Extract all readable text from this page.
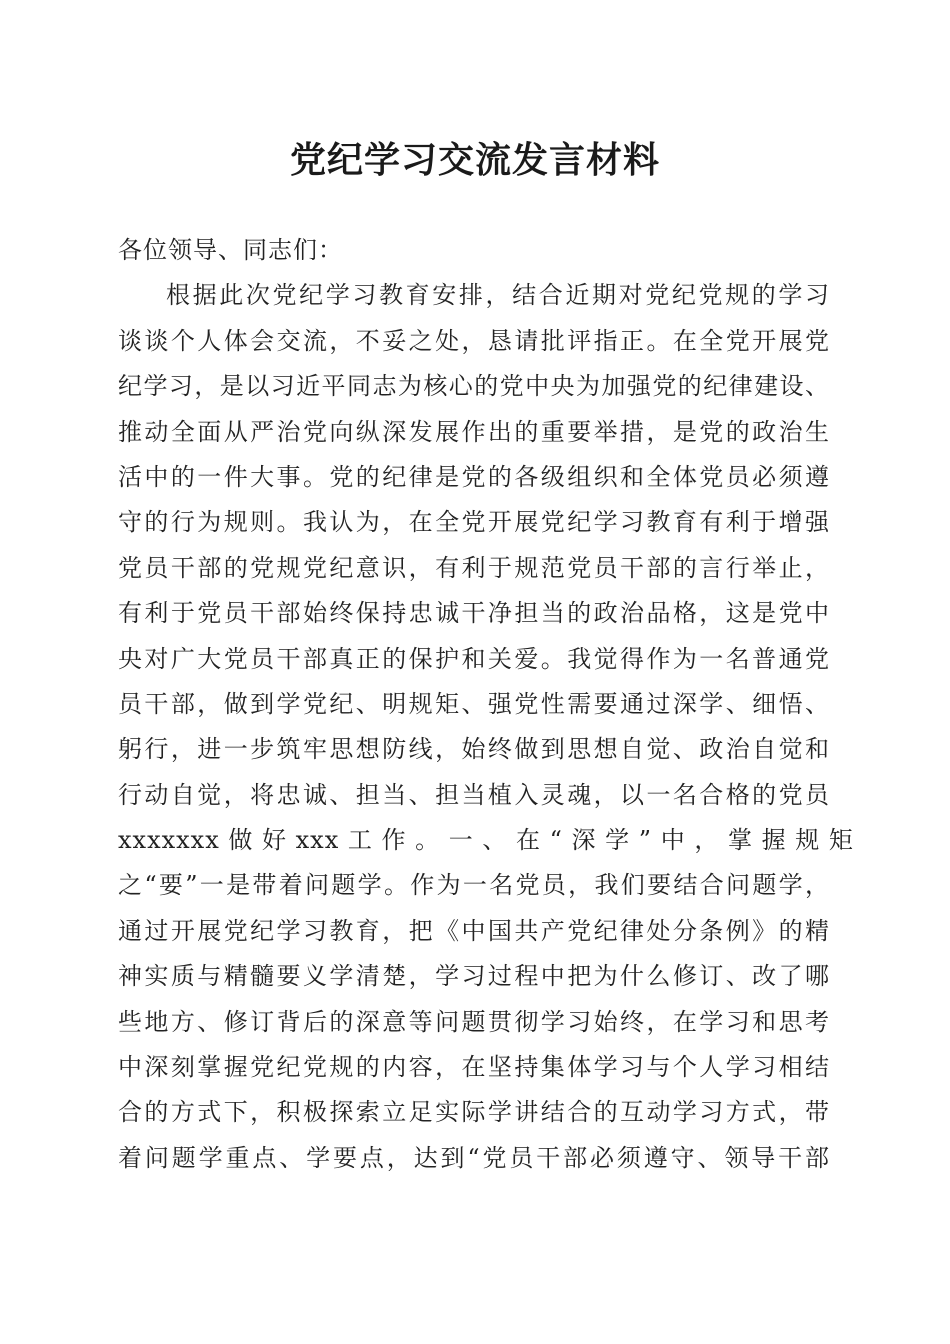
党纪学习交流发言材料
各位领导、同志们：
根据此次党纪学习教育安排，结合近期对党纪党规的学习
谈谈个人体会交流，不妥之处，恳请批评指正。在全党开展党
纪学习，是以习近平同志为核心的党中央为加强党的纪律建设、
推动全面从严治党向纵深发展作出的重要举措，是党的政治生
活中的一件大事。党的纪律是党的各级组织和全体党员必须遵
守的行为规则。我认为，在全党开展党纪学习教育有利于增强
党员干部的党规党纪意识，有利于规范党员干部的言行举止，
有利于党员干部始终保持忠诚干净担当的政治品格，这是党中
央对广大党员干部真正的保护和关爱。我觉得作为一名普通党
员干部，做到学党纪、明规矩、强党性需要通过深学、细悟、
躬行，进一步筑牢思想防线，始终做到思想自觉、政治自觉和
行动自觉，将忠诚、担当、担当植入灵魂，以一名合格的党员
xxxxxxx 做 好 xxx 工 作 。 一 、 在 “ 深 学 ” 中 ， 掌 握 规 矩
之“要”一是带着问题学。作为一名党员，我们要结合问题学，
通过开展党纪学习教育，把《中国共产党纪律处分条例》的精
神实质与精髓要义学清楚，学习过程中把为什么修订、改了哪
些地方、修订背后的深意等问题贯彻学习始终，在学习和思考
中深刻掌握党纪党规的内容，在坚持集体学习与个人学习相结
合的方式下，积极探索立足实际学讲结合的互动学习方式，带
着问题学重点、学要点，达到“党员干部必须遵守、领导干部
